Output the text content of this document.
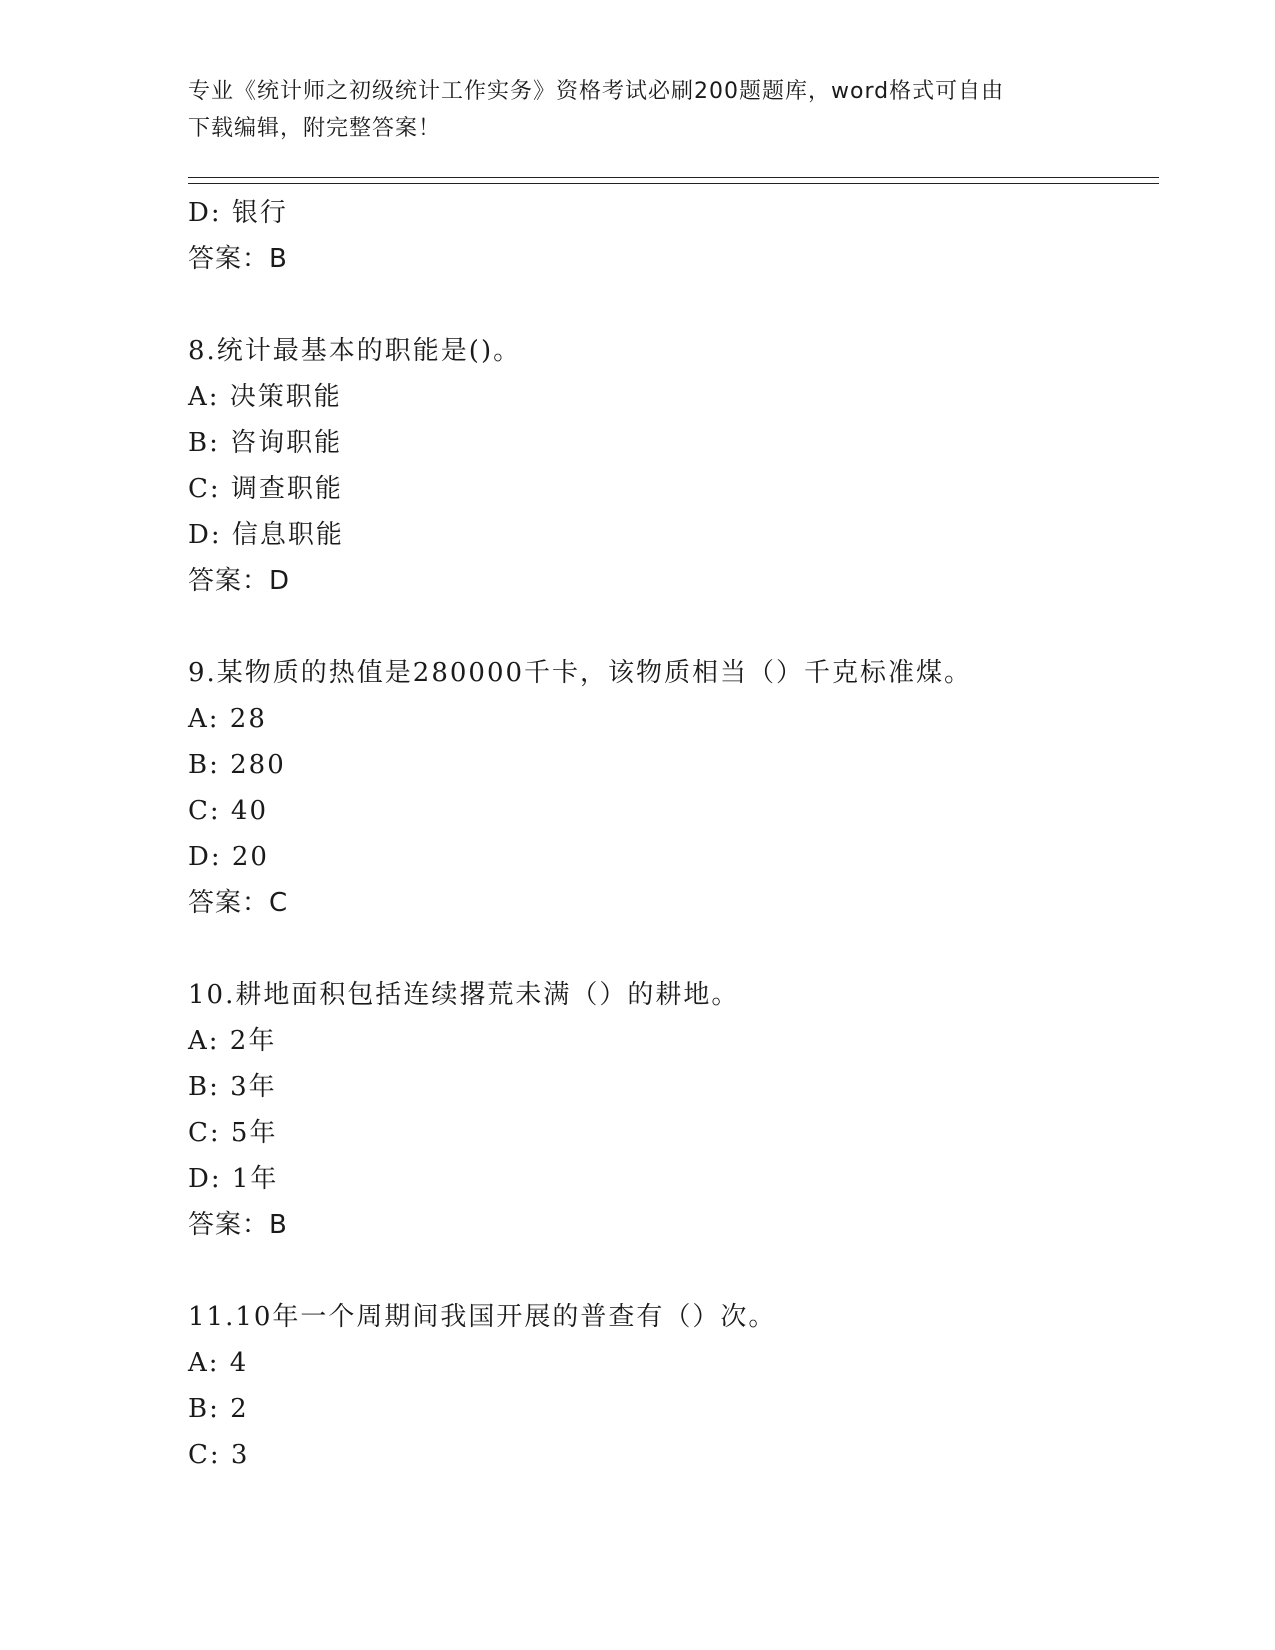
专业《统计师之初级统计工作实务》资格考试必刷200题题库，word格式可自由
下载编辑，附完整答案！
D: 银行
答案：B
8.统计最基本的职能是()。
A: 决策职能
B: 咨询职能
C: 调查职能
D: 信息职能
答案：D
9.某物质的热值是280000千卡，该物质相当（）千克标准煤。
A: 28
B: 280
C: 40
D: 20
答案：C
10.耕地面积包括连续撂荒未满（）的耕地。
A: 2年
B: 3年
C: 5年
D: 1年
答案：B
11.10年一个周期间我国开展的普查有（）次。
A: 4
B: 2
C: 3
